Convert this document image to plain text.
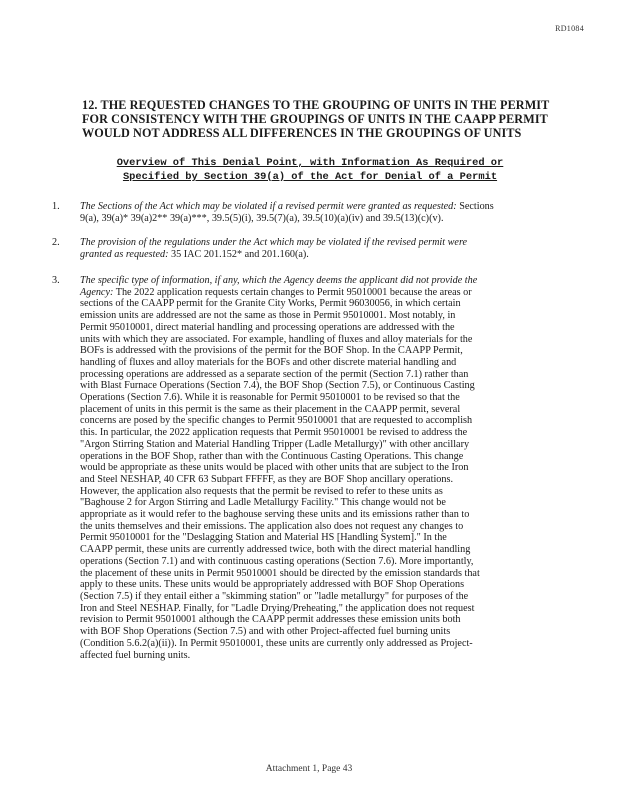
RD1084
12. THE REQUESTED CHANGES TO THE GROUPING OF UNITS IN THE PERMIT
FOR CONSISTENCY WITH THE GROUPINGS OF UNITS IN THE CAAPP PERMIT
WOULD NOT ADDRESS ALL DIFFERENCES IN THE GROUPINGS OF UNITS
Overview of This Denial Point, with Information As Required or
Specified by Section 39(a) of the Act for Denial of a Permit
1. The Sections of the Act which may be violated if a revised permit were granted as requested: Sections
9(a), 39(a)* 39(a)2** 39(a)***, 39.5(5)(i), 39.5(7)(a), 39.5(10)(a)(iv) and 39.5(13)(c)(v).
2. The provision of the regulations under the Act which may be violated if the revised permit were
granted as requested: 35 IAC 201.152* and 201.160(a).
3. The specific type of information, if any, which the Agency deems the applicant did not provide the
Agency: The 2022 application requests certain changes to Permit 95010001 because the areas or
sections of the CAAPP permit for the Granite City Works, Permit 96030056, in which certain
emission units are addressed are not the same as those in Permit 95010001. Most notably, in
Permit 95010001, direct material handling and processing operations are addressed with the
units with which they are associated. For example, handling of fluxes and alloy materials for the
BOFs is addressed with the provisions of the permit for the BOF Shop. In the CAAPP Permit,
handling of fluxes and alloy materials for the BOFs and other discrete material handling and
processing operations are addressed as a separate section of the permit (Section 7.1) rather than
with Blast Furnace Operations (Section 7.4), the BOF Shop (Section 7.5), or Continuous Casting
Operations (Section 7.6). While it is reasonable for Permit 95010001 to be revised so that the
placement of units in this permit is the same as their placement in the CAAPP permit, several
concerns are posed by the specific changes to Permit 95010001 that are requested to accomplish
this. In particular, the 2022 application requests that Permit 95010001 be revised to address the
"Argon Stirring Station and Material Handling Tripper (Ladle Metallurgy)" with other ancillary
operations in the BOF Shop, rather than with the Continuous Casting Operations. This change
would be appropriate as these units would be placed with other units that are subject to the Iron
and Steel NESHAP, 40 CFR 63 Subpart FFFFF, as they are BOF Shop ancillary operations.
However, the application also requests that the permit be revised to refer to these units as
"Baghouse 2 for Argon Stirring and Ladle Metallurgy Facility." This change would not be
appropriate as it would refer to the baghouse serving these units and its emissions rather than to
the units themselves and their emissions. The application also does not request any changes to
Permit 95010001 for the "Deslagging Station and Material HS [Handling System]." In the
CAAPP permit, these units are currently addressed twice, both with the direct material handling
operations (Section 7.1) and with continuous casting operations (Section 7.6). More importantly,
the placement of these units in Permit 95010001 should be directed by the emission standards that
apply to these units. These units would be appropriately addressed with BOF Shop Operations
(Section 7.5) if they entail either a "skimming station" or "ladle metallurgy" for purposes of the
Iron and Steel NESHAP. Finally, for "Ladle Drying/Preheating," the application does not request
revision to Permit 95010001 although the CAAPP permit addresses these emission units both
with BOF Shop Operations (Section 7.5) and with other Project-affected fuel burning units
(Condition 5.6.2(a)(ii)). In Permit 95010001, these units are currently only addressed as Project-
affected fuel burning units.
Attachment 1, Page 43
